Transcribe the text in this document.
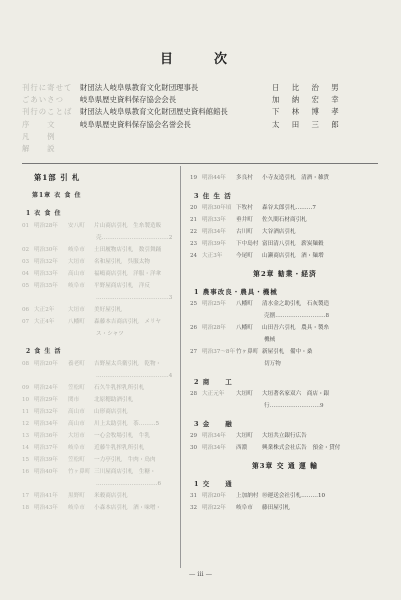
目　次
刊行に寄せて	財団法人岐阜県教育文化財団理事長	日 比 治 男
ごあいさつ	岐阜県歴史資料保存協会会長	加 納 宏 幸
刊行のことば	財団法人岐阜県教育文化財団歴史資料館館長	下 林 博 孝
序　　文	岐阜県歴史資料保存協会名誉会長	太 田 三 郎
凡　　例
解　　説
第1部 引 札
第1章 衣 食 住
1 衣 食 住
01 明治28年 安八町 片山商店引札　生糸製造販
売………………………………2
02 明治30年 岐阜市 土田履物店引札　数引舞踊
03 明治32年 大垣市 名和屋引札　呉服太物
04 明治33年 高山市 福嶋商店引札　洋服・洋傘
05 明治35年 岐阜市 平野屋商店引札　洋反
…………………………………3
06 大正2年 大垣市 美好屋引札
07 大正4年 八幡町 森藤本吉商店引札　メリヤ
ス・シャツ
2 食 生 活
08 明治20年 養老町 吉野屋太兵衛引札　乾物・
…………………………………4
09 明治24年 笠松町 石久牛乳搾乳所引札
10 明治29年 関市	北原穂助酒引札
11 明治32年 高山市 山形商店引札
12 明治34年 高山市 川上太助引札　茶………5
13 明治36年 大垣市 一心会牧場引札　牛乳
14 明治37年 岐阜市 近藤牛乳搾乳所引札
15 明治39年 笠松町 一力亭引札　牛肉・鳥肉
16 明治40年 竹ヶ鼻町 三川屋商店引札　生糖・
……………………………6
17 明治41年 黒野町 米穀商店引札
18 明治43年 岐阜市 小森本店引札　酒・味噌・
19 明治44年 多良村 小寺友造引札　清酒・雑貨
3 住 生 活
20 明治30年頃 下牧村 森谷太郎引札………7
21 明治33年 垂井町 佐久間石材商引札
22 明治34年 古川町 大谷酒店引札
23 明治39年 下中島村 富田清八引札　薪炭麺穀
24 大正3年 今尾町 山瀬商店引札　酒・麺増
第2章 勧業・経済
1 農事改良・農具・機械
25 明治25年 八幡町 清水金之助引札　石灰製造
売捌………………………8
26 明治28年 八幡町 山田吾六引札　農具・製糸
機械
27 明治37〜8年竹ヶ鼻町 新屋引札　備中・桑
切万物
2 商　　工
28 大正元年 大垣町 大垣著名家双六　商店・銀
行………………………9
3 金　　融
29 明治34年 大垣町 大垣共立銀行広告
30 明治34年 西濃	興業株式会社広告　預金・貸付
第3章 交 通 運 輸
1 交　　通
31 明治20年 上加納村 ⑩運送会社引札………10
32 明治22年 岐阜市 藤田屋引札
— iii —
